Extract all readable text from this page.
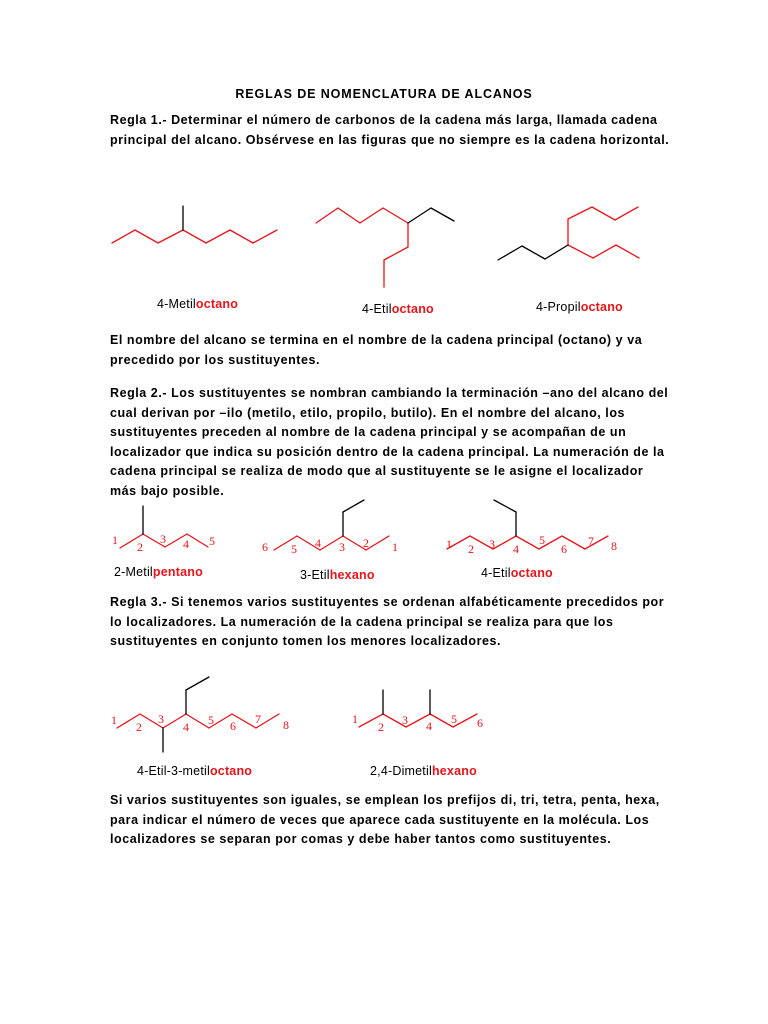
REGLAS DE NOMENCLATURA DE ALCANOS
Regla 1.- Determinar el número de carbonos de la cadena más larga, llamada cadena principal del alcano. Obsérvese en las figuras que no siempre es la cadena horizontal.
4-Metiloctano	4-Etiloctano	4-Propiloctano
El nombre del alcano se termina en el nombre de la cadena principal (octano) y va precedido por los sustituyentes.
Regla 2.- Los sustituyentes se nombran cambiando la terminación –ano del alcano del cual derivan por –ilo (metilo, etilo, propilo, butilo). En el nombre del alcano, los sustituyentes preceden al nombre de la cadena principal y se acompañan de un localizador que indica su posición dentro de la cadena principal. La numeración de la cadena principal se realiza de modo que al sustituyente se le asigne el localizador más bajo posible.
1 2
3 4 5
2-Metilpentano
6 5 4 3 2 1
3-Etilhexano
1 2 3 4
5
6
7 8
4-Etiloctano
Regla 3.- Si tenemos varios sustituyentes se ordenan alfabéticamente precedidos por lo localizadores. La numeración de la cadena principal se realiza para que los sustituyentes en conjunto tomen los menores localizadores.
1 2
3
4 5 6 7 8
4-Etil-3-metiloctano
1
2 3 4 5 6
2,4-Dimetilhexano
Si varios sustituyentes son iguales, se emplean los prefijos di, tri, tetra, penta, hexa, para indicar el número de veces que aparece cada sustituyente en la molécula. Los localizadores se separan por comas y debe haber tantos como sustituyentes.
